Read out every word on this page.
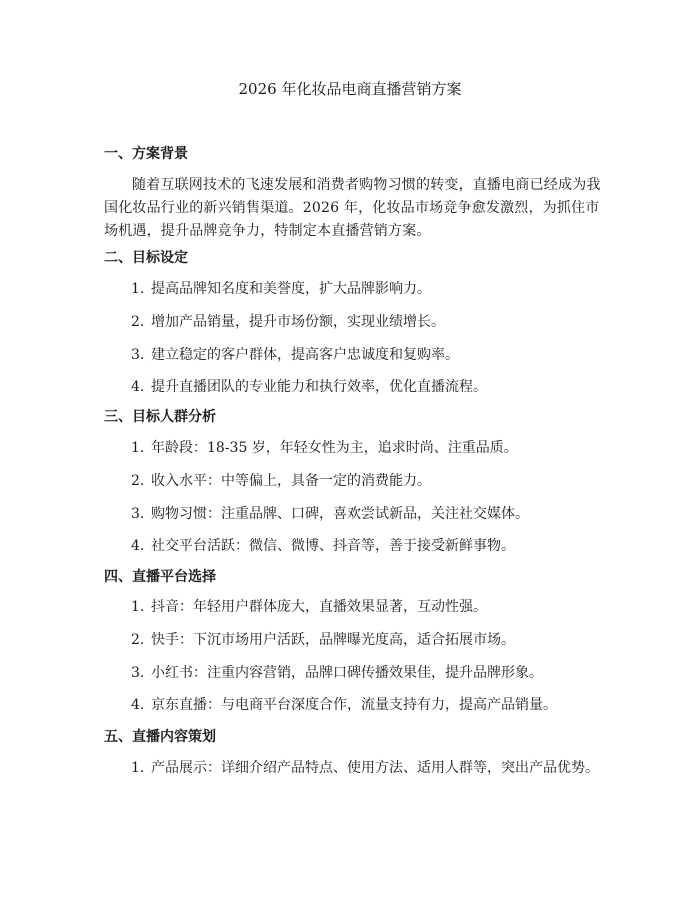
2026 年化妆品电商直播营销方案
一、方案背景
随着互联网技术的飞速发展和消费者购物习惯的转变，直播电商已经成为我国化妆品行业的新兴销售渠道。2026 年，化妆品市场竞争愈发激烈，为抓住市场机遇，提升品牌竞争力，特制定本直播营销方案。
二、目标设定
1. 提高品牌知名度和美誉度，扩大品牌影响力。
2. 增加产品销量，提升市场份额，实现业绩增长。
3. 建立稳定的客户群体，提高客户忠诚度和复购率。
4. 提升直播团队的专业能力和执行效率，优化直播流程。
三、目标人群分析
1. 年龄段：18-35 岁，年轻女性为主，追求时尚、注重品质。
2. 收入水平：中等偏上，具备一定的消费能力。
3. 购物习惯：注重品牌、口碑，喜欢尝试新品，关注社交媒体。
4. 社交平台活跃：微信、微博、抖音等，善于接受新鲜事物。
四、直播平台选择
1. 抖音：年轻用户群体庞大，直播效果显著，互动性强。
2. 快手：下沉市场用户活跃，品牌曝光度高，适合拓展市场。
3. 小红书：注重内容营销，品牌口碑传播效果佳，提升品牌形象。
4. 京东直播：与电商平台深度合作，流量支持有力，提高产品销量。
五、直播内容策划
1. 产品展示：详细介绍产品特点、使用方法、适用人群等，突出产品优势。
